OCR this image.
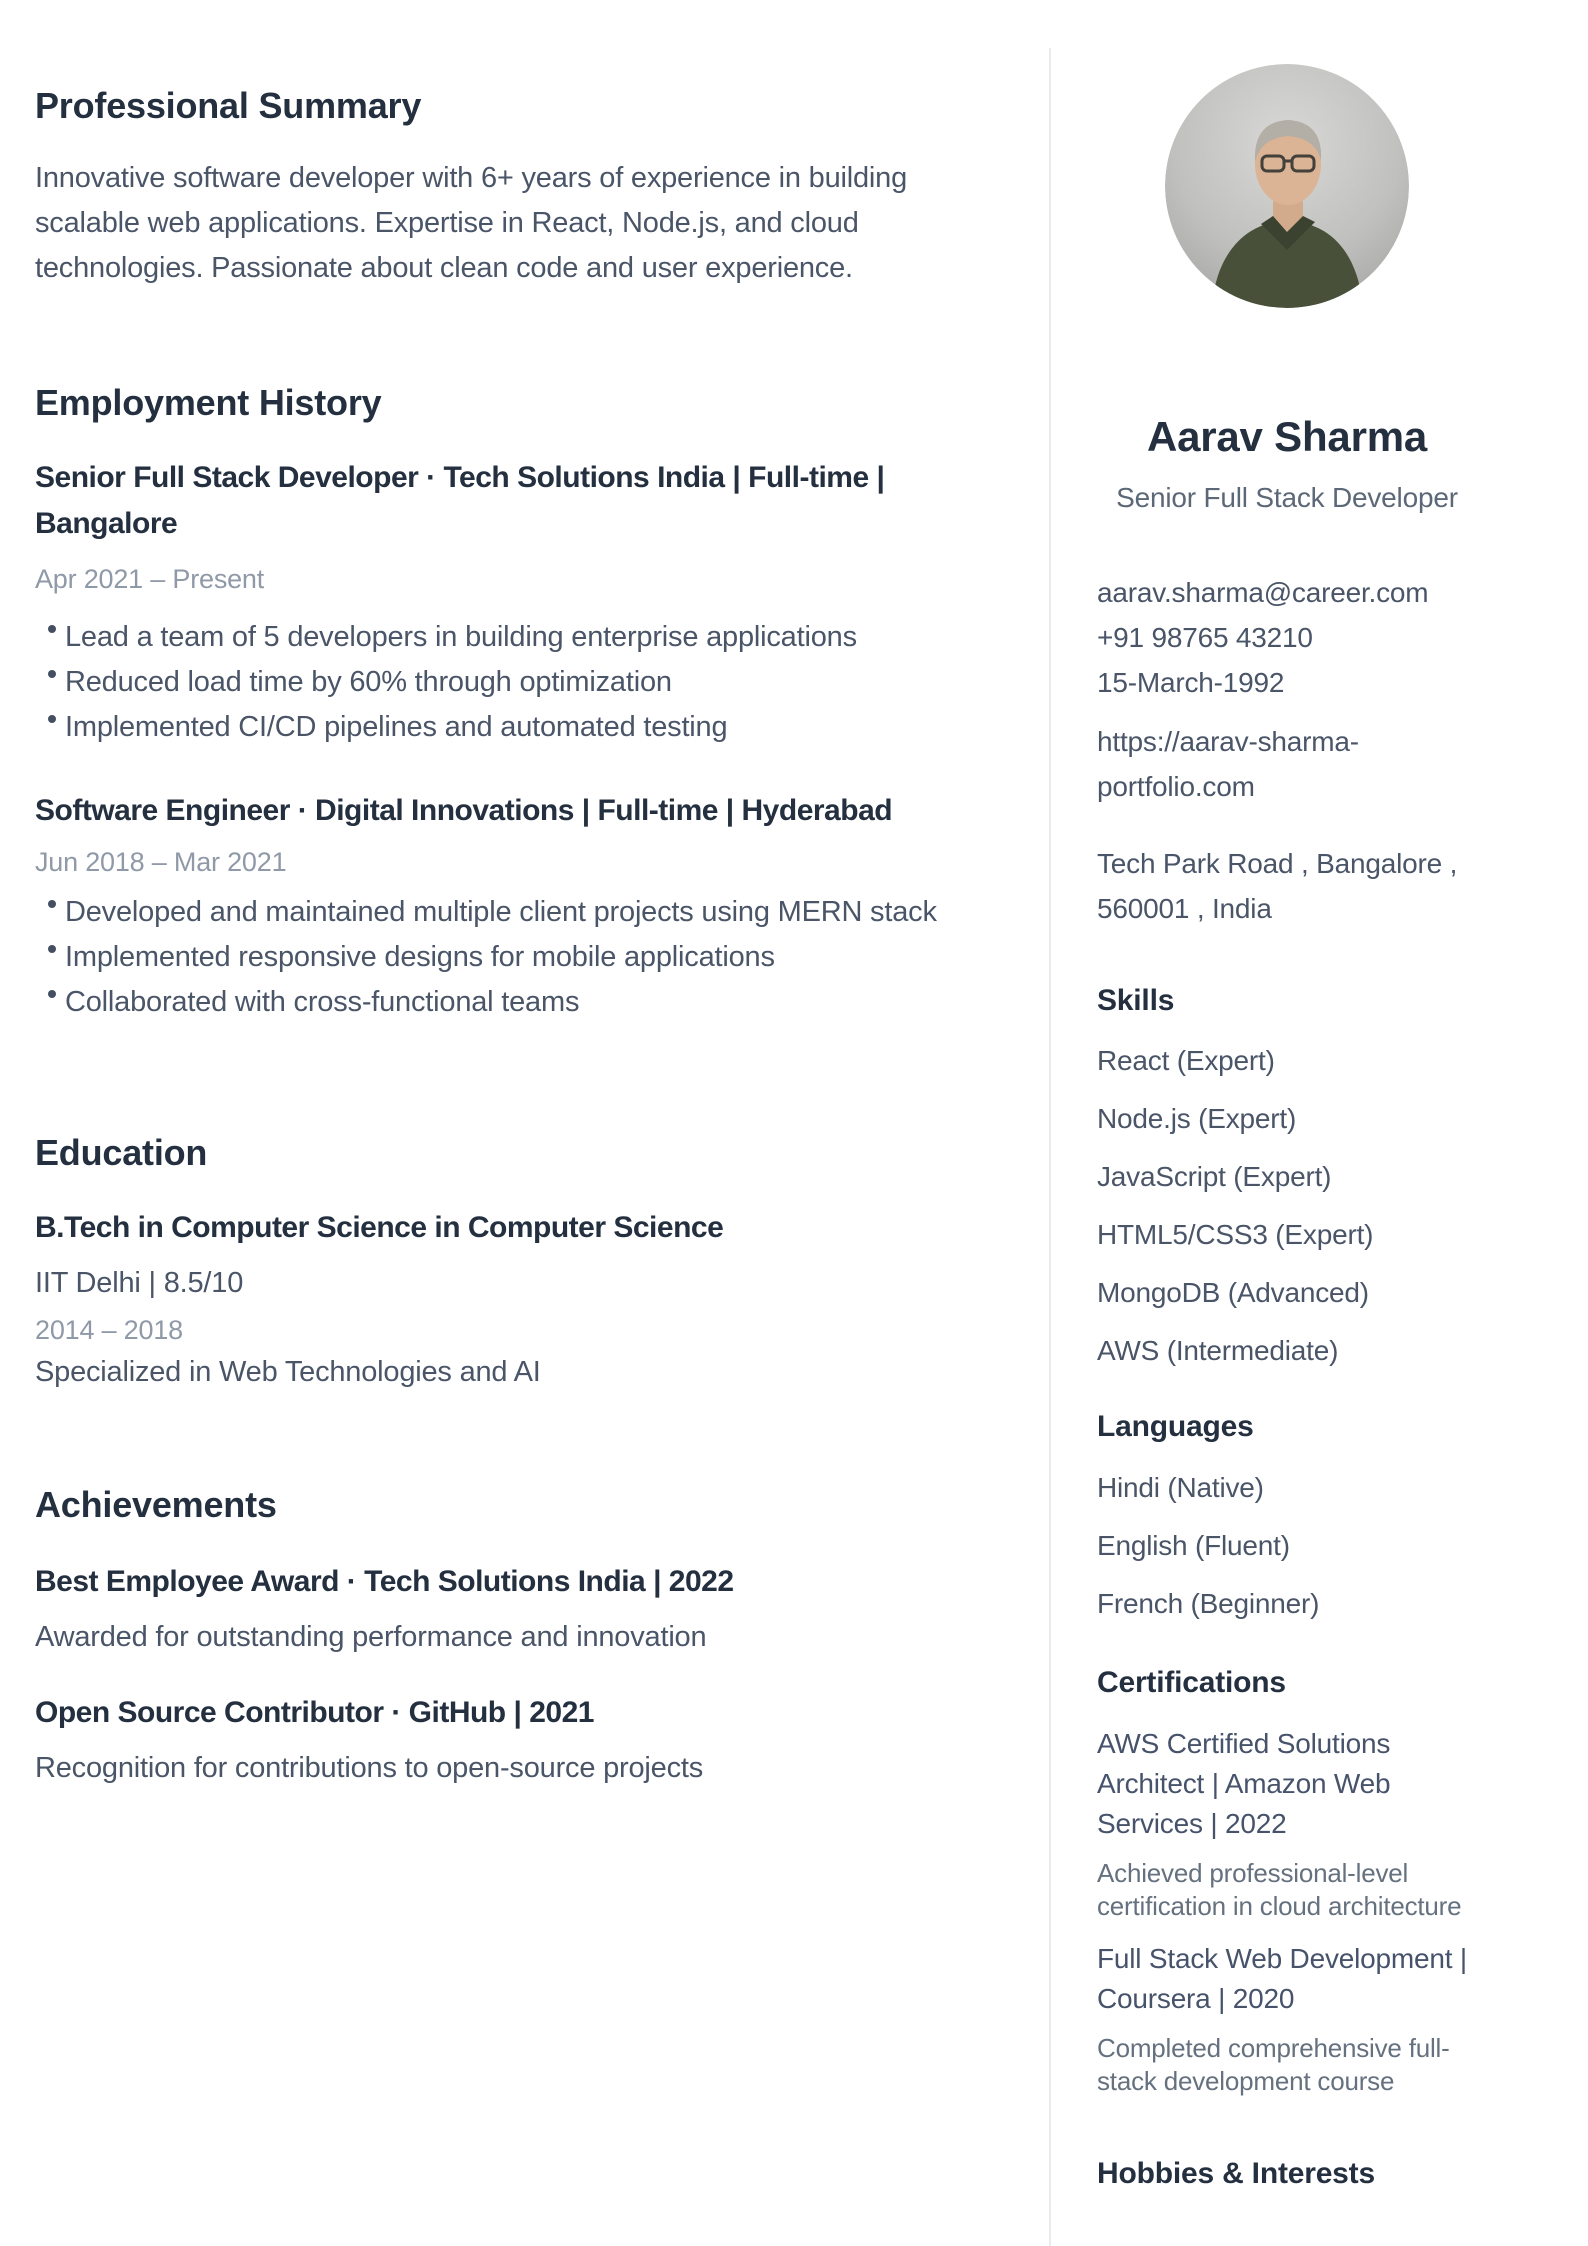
Professional Summary

Innovative software developer with 6+ years of experience in building scalable web applications. Expertise in React, Node.js, and cloud technologies. Passionate about clean code and user experience.

Employment History
Senior Full Stack Developer · Tech Solutions India | Full-time | Bangalore

Apr 2021 – Present

Lead a team of 5 developers in building enterprise applications
Reduced load time by 60% through optimization
Implemented CI/CD pipelines and automated testing
Software Engineer · Digital Innovations | Full-time | Hyderabad

Jun 2018 – Mar 2021

Developed and maintained multiple client projects using MERN stack
Implemented responsive designs for mobile applications
Collaborated with cross-functional teams
Education
B.Tech in Computer Science in Computer Science

IIT Delhi | 8.5/10

2014 – 2018

Specialized in Web Technologies and AI

Achievements
Best Employee Award · Tech Solutions India | 2022

Awarded for outstanding performance and innovation

Open Source Contributor · GitHub | 2021

Recognition for contributions to open-source projects

Aarav Sharma

Senior Full Stack Developer

aarav.sharma@career.com

+91 98765 43210

15-March-1992

https://aarav-sharma-portfolio.com

Tech Park Road , Bangalore , 560001 , India

Skills
React (Expert)
Node.js (Expert)
JavaScript (Expert)
HTML5/CSS3 (Expert)
MongoDB (Advanced)
AWS (Intermediate)
Languages
Hindi (Native)
English (Fluent)
French (Beginner)
Certifications

AWS Certified Solutions Architect | Amazon Web Services | 2022

Achieved professional-level certification in cloud architecture

Full Stack Web Development | Coursera | 2020

Completed comprehensive full-stack development course

Hobbies & Interests
